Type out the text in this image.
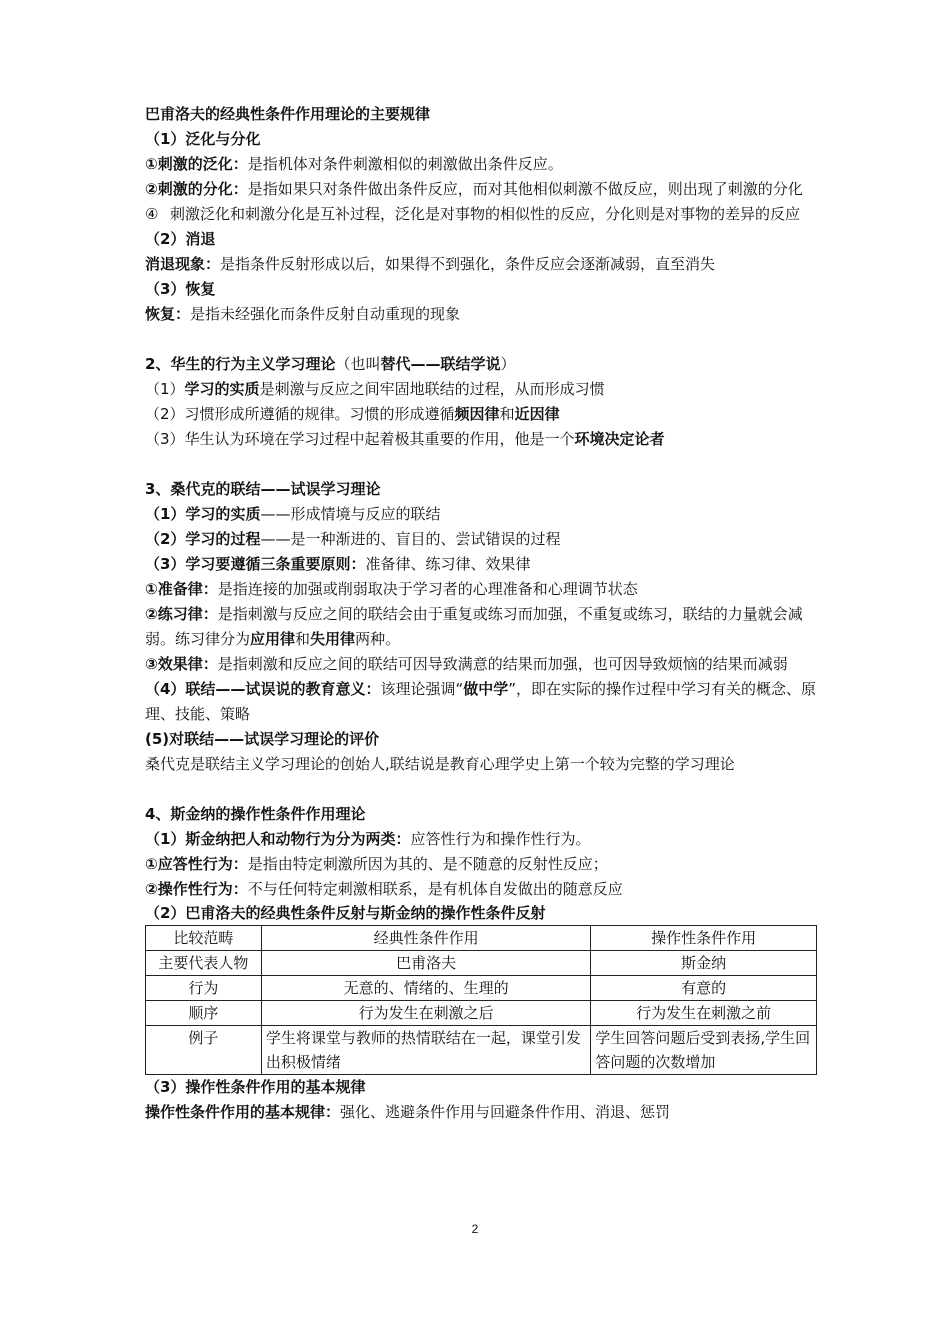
巴甫洛夫的经典性条件作用理论的主要规律

（1）泛化与分化

①刺激的泛化：是指机体对条件刺激相似的刺激做出条件反应。

②刺激的分化：是指如果只对条件做出条件反应，而对其他相似刺激不做反应，则出现了刺激的分化

④ 刺激泛化和刺激分化是互补过程，泛化是对事物的相似性的反应，分化则是对事物的差异的反应

（2）消退

消退现象：是指条件反射形成以后，如果得不到强化，条件反应会逐渐减弱，直至消失

（3）恢复

恢复：是指未经强化而条件反射自动重现的现象

2、华生的行为主义学习理论（也叫替代——联结学说）

（1）学习的实质是刺激与反应之间牢固地联结的过程，从而形成习惯

（2）习惯形成所遵循的规律。习惯的形成遵循频因律和近因律

（3）华生认为环境在学习过程中起着极其重要的作用，他是一个环境决定论者

3、桑代克的联结——试误学习理论

（1）学习的实质——形成情境与反应的联结

（2）学习的过程——是一种渐进的、盲目的、尝试错误的过程

（3）学习要遵循三条重要原则：准备律、练习律、效果律

①准备律：是指连接的加强或削弱取决于学习者的心理准备和心理调节状态

②练习律：是指刺激与反应之间的联结会由于重复或练习而加强，不重复或练习，联结的力量就会减弱。练习律分为应用律和失用律两种。

③效果律：是指刺激和反应之间的联结可因导致满意的结果而加强，也可因导致烦恼的结果而减弱

（4）联结——试误说的教育意义：该理论强调“做中学”，即在实际的操作过程中学习有关的概念、原理、技能、策略

(5)对联结——试误学习理论的评价

桑代克是联结主义学习理论的创始人,联结说是教育心理学史上第一个较为完整的学习理论

4、斯金纳的操作性条件作用理论

（1）斯金纳把人和动物行为分为两类：应答性行为和操作性行为。

①应答性行为：是指由特定刺激所因为其的、是不随意的反射性反应；

②操作性行为：不与任何特定刺激相联系，是有机体自发做出的随意反应

（2）巴甫洛夫的经典性条件反射与斯金纳的操作性条件反射

比较范畴	经典性条件作用	操作性条件作用
主要代表人物	巴甫洛夫	斯金纳
行为	无意的、情绪的、生理的	有意的
顺序	行为发生在刺激之后	行为发生在刺激之前
例子	学生将课堂与教师的热情联结在一起，课堂引发出积极情绪	学生回答问题后受到表扬,学生回答问题的次数增加

（3）操作性条件作用的基本规律

操作性条件作用的基本规律：强化、逃避条件作用与回避条件作用、消退、惩罚

2
